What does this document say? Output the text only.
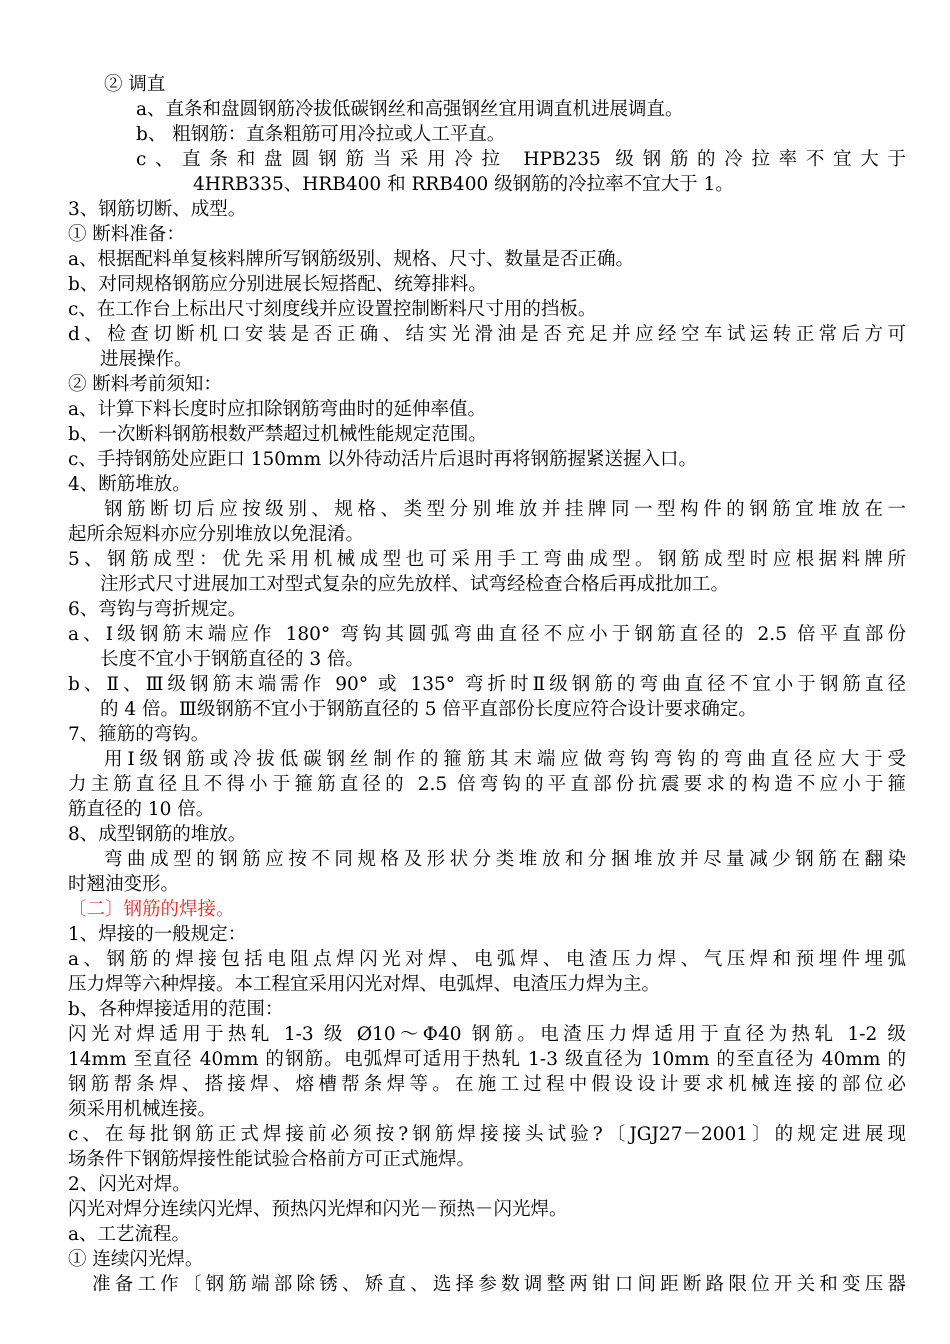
② 调直
a、直条和盘圆钢筋冷拔低碳钢丝和高强钢丝宜用调直机进展调直。
b、 粗钢筋：直条粗筋可用冷拉或人工平直。
c、直条和盘圆钢筋当采用冷拉 HPB235 级钢筋的冷拉率不宜大于
4HRB335、HRB400 和 RRB400 级钢筋的冷拉率不宜大于 1。
3、钢筋切断、成型。
① 断料准备：
a、根据配料单复核料牌所写钢筋级别、规格、尺寸、数量是否正确。
b、对同规格钢筋应分别进展长短搭配、统筹排料。
c、在工作台上标出尺寸刻度线并应设置控制断料尺寸用的挡板。
d、检查切断机口安装是否正确、结实光滑油是否充足并应经空车试运转正常后方可
进展操作。
② 断料考前须知：
a、计算下料长度时应扣除钢筋弯曲时的延伸率值。
b、一次断料钢筋根数严禁超过机械性能规定范围。
c、手持钢筋处应距口 150mm 以外待动活片后退时再将钢筋握紧送握入口。
4、断筋堆放。
钢筋断切后应按级别、规格、类型分别堆放并挂牌同一型构件的钢筋宜堆放在一
起所余短料亦应分别堆放以免混淆。
5、钢筋成型：优先采用机械成型也可采用手工弯曲成型。钢筋成型时应根据料牌所
注形式尺寸进展加工对型式复杂的应先放样、试弯经检查合格后再成批加工。
6、弯钩与弯折规定。
a、Ⅰ级钢筋末端应作 180° 弯钩其圆弧弯曲直径不应小于钢筋直径的 2.5 倍平直部份
长度不宜小于钢筋直径的 3 倍。
b、Ⅱ、Ⅲ级钢筋末端需作 90° 或 135° 弯折时Ⅱ级钢筋的弯曲直径不宜小于钢筋直径
的 4 倍。Ⅲ级钢筋不宜小于钢筋直径的 5 倍平直部份长度应符合设计要求确定。
7、箍筋的弯钩。
用Ⅰ级钢筋或冷拔低碳钢丝制作的箍筋其末端应做弯钩弯钩的弯曲直径应大于受
力主筋直径且不得小于箍筋直径的 2.5 倍弯钩的平直部份抗震要求的构造不应小于箍
筋直径的 10 倍。
8、成型钢筋的堆放。
弯曲成型的钢筋应按不同规格及形状分类堆放和分捆堆放并尽量减少钢筋在翻染
时翘油变形。
〔二〕钢筋的焊接。
1、焊接的一般规定：
a、钢筋的焊接包括电阻点焊闪光对焊、电弧焊、电渣压力焊、气压焊和预埋件埋弧
压力焊等六种焊接。本工程宜采用闪光对焊、电弧焊、电渣压力焊为主。
b、各种焊接适用的范围：
闪光对焊适用于热轧 1-3 级 Ø10～Φ40 钢筋。电渣压力焊适用于直径为热轧 1-2 级
14mm 至直径 40mm 的钢筋。电弧焊可适用于热轧 1-3 级直径为 10mm 的至直径为 40mm 的
钢筋帮条焊、搭接焊、熔槽帮条焊等。在施工过程中假设设计要求机械连接的部位必
须采用机械连接。
c、在每批钢筋正式焊接前必须按?钢筋焊接接头试验?〔JGJ27－2001〕的规定进展现
场条件下钢筋焊接性能试验合格前方可正式施焊。
2、闪光对焊。
闪光对焊分连续闪光焊、预热闪光焊和闪光－预热－闪光焊。
a、工艺流程。
① 连续闪光焊。
准备工作〔钢筋端部除锈、矫直、选择参数调整两钳口间距断路限位开关和变压器
